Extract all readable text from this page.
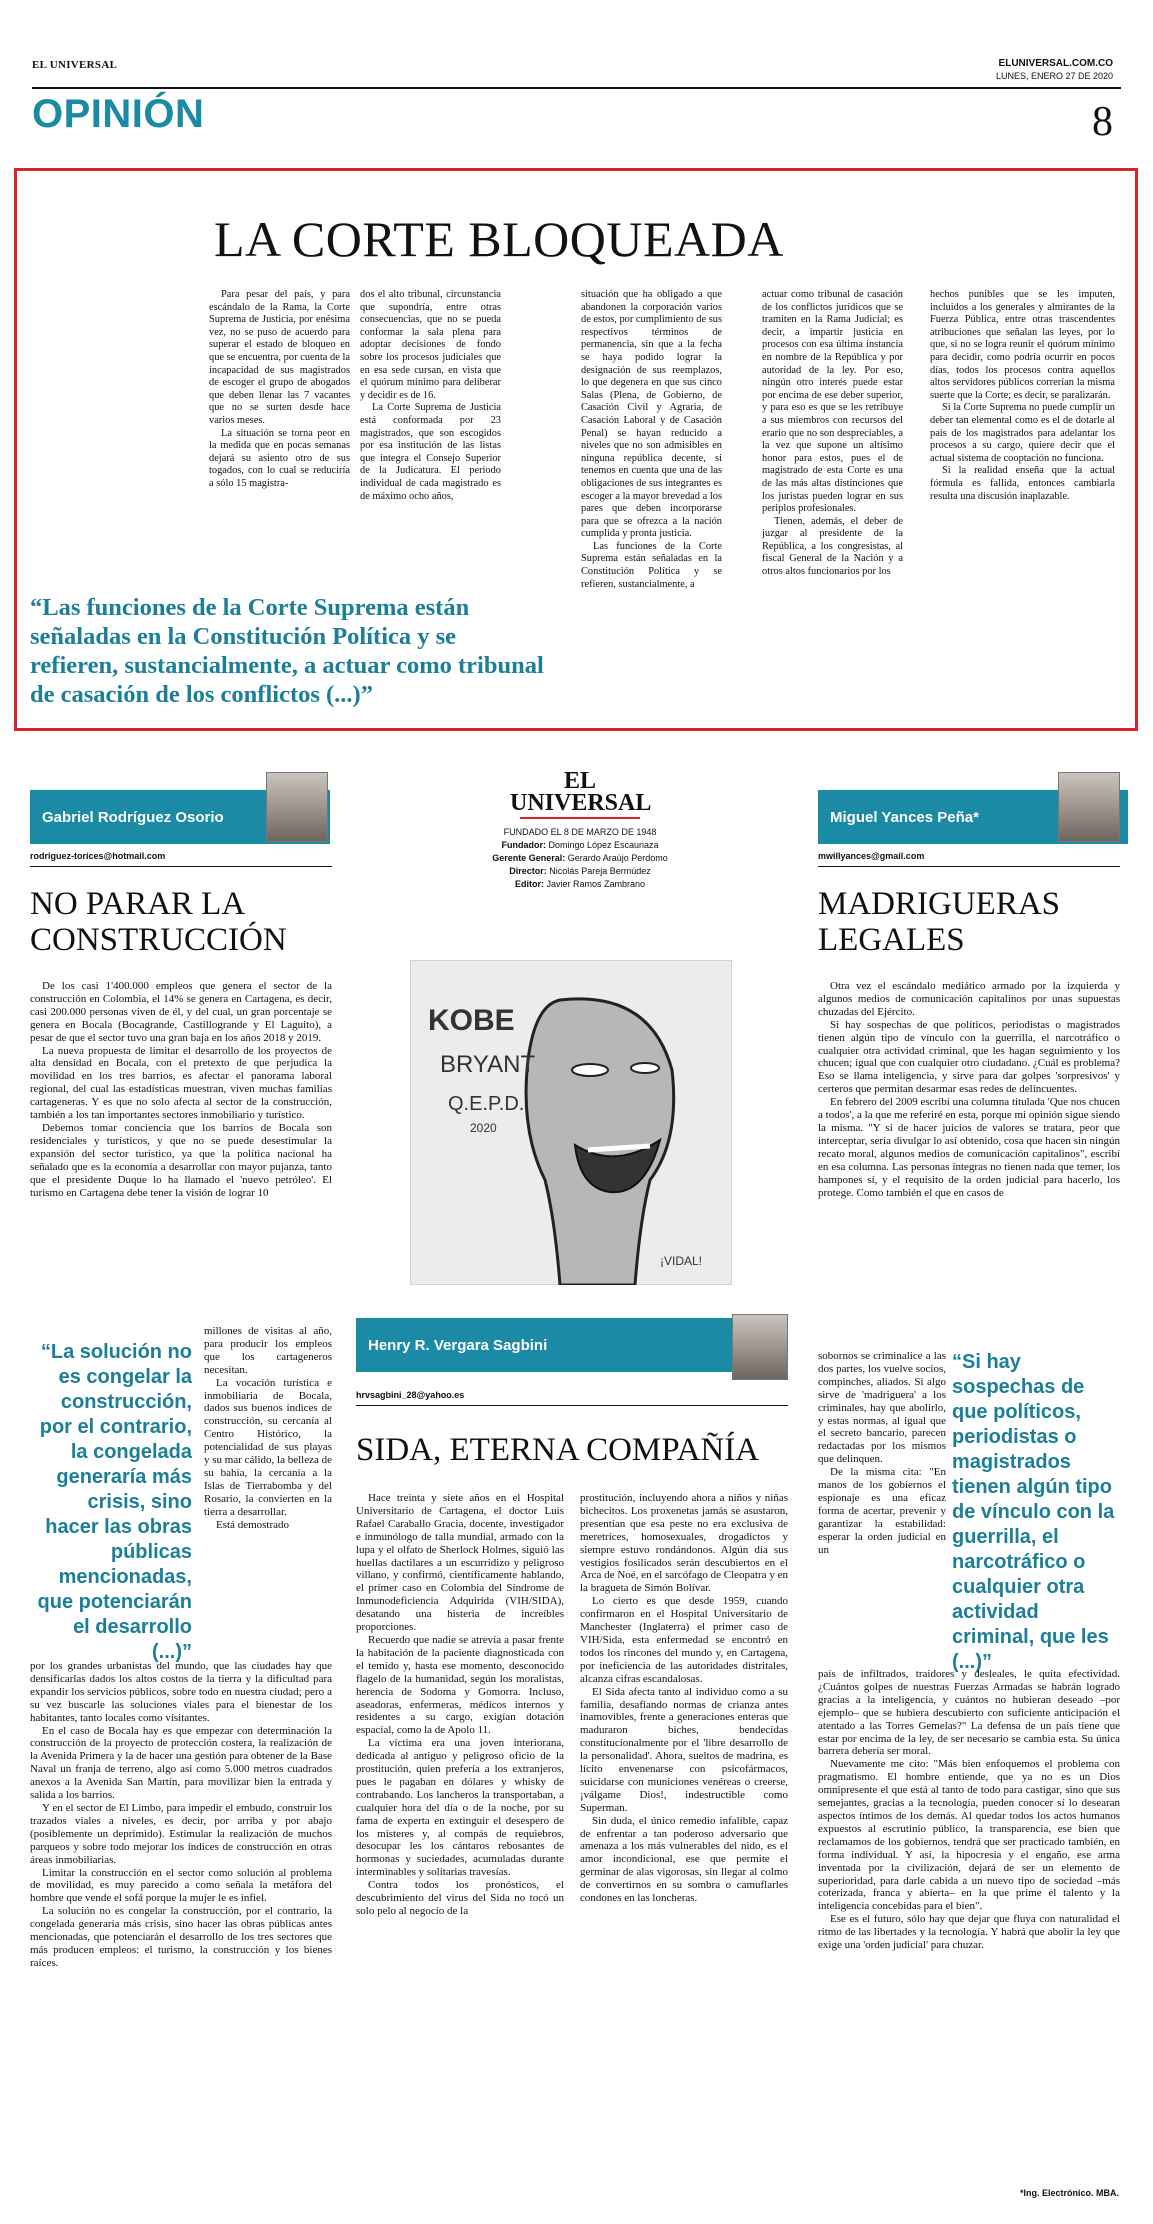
EL UNIVERSAL	ELUNIVERSAL.COM.CO
LUNES, ENERO 27 DE 2020
OPINIÓN	8
LA CORTE BLOQUEADA

Para pesar del país, y para escándalo de la Rama, la Corte Suprema de Justicia, por enésima vez, no se puso de acuerdo para superar el estado de bloqueo en que se encuentra, por cuenta de la incapacidad de sus magistrados de escoger el grupo de abogados que deben llenar las 7 vacantes que no se surten desde hace varios meses.

La situación se torna peor en la medida que en pocas semanas dejará su asiento otro de sus togados, con lo cual se reduciría a sólo 15 magistra-

dos el alto tribunal, circunstancia que supondría, entre otras consecuencias, que no se pueda conformar la sala plena para adoptar decisiones de fondo sobre los procesos judiciales que en esa sede cursan, en vista que el quórum mínimo para deliberar y decidir es de 16.

La Corte Suprema de Justicia está conformada por 23 magistrados, que son escogidos por esa institución de las listas que integra el Consejo Superior de la Judicatura. El periodo individual de cada magistrado es de máximo ocho años,

situación que ha obligado a que abandonen la corporación varios de estos, por cumplimiento de sus respectivos términos de permanencia, sin que a la fecha se haya podido lograr la designación de sus reemplazos, lo que degenera en que sus cinco Salas (Plena, de Gobierno, de Casación Civil y Agraria, de Casación Laboral y de Casación Penal) se hayan reducido a niveles que no son admisibles en ninguna república decente, si tenemos en cuenta que una de las obligaciones de sus integrantes es escoger a la mayor brevedad a los pares que deben incorporarse para que se ofrezca a la nación cumplida y pronta justicia.

Las funciones de la Corte Suprema están señaladas en la Constitución Política y se refieren, sustancialmente, a

actuar como tribunal de casación de los conflictos jurídicos que se tramiten en la Rama Judicial; es decir, a impartir justicia en procesos con esa última instancia en nombre de la República y por autoridad de la ley. Por eso, ningún otro interés puede estar por encima de ese deber superior, y para eso es que se les retribuye a sus miembros con recursos del erario que no son despreciables, a la vez que supone un altísimo honor para estos, pues el de magistrado de esta Corte es una de las más altas distinciones que los juristas pueden lograr en sus periplos profesionales.

Tienen, además, el deber de juzgar al presidente de la República, a los congresistas, al fiscal General de la Nación y a otros altos funcionarios por los

hechos punibles que se les imputen, incluidos a los generales y almirantes de la Fuerza Pública, entre otras trascendentes atribuciones que señalan las leyes, por lo que, si no se logra reunir el quórum mínimo para decidir, como podría ocurrir en pocos días, todos los procesos contra aquellos altos servidores públicos correrían la misma suerte que la Corte; es decir, se paralizarán.

Si la Corte Suprema no puede cumplir un deber tan elemental como es el de dotarle al país de los magistrados para adelantar los procesos a su cargo, quiere decir que el actual sistema de cooptación no funciona.

Si la realidad enseña que la actual fórmula es fallida, entonces cambiarla resulta una discusión inaplazable.

“Las funciones de la Corte Suprema están señaladas en la Constitución Política y se refieren, sustancialmente, a actuar como tribunal de casación de los conflictos (...)”
Gabriel Rodríguez Osorio
rodriguez-torices@hotmail.com
NO PARAR LA CONSTRUCCIÓN

De los casi 1'400.000 empleos que genera el sector de la construcción en Colombia, el 14% se genera en Cartagena, es decir, casi 200.000 personas viven de él, y del cual, un gran porcentaje se genera en Bocala (Bocagrande, Castillogrande y El Laguito), a pesar de que el sector tuvo una gran baja en los años 2018 y 2019.

La nueva propuesta de limitar el desarrollo de los proyectos de alta densidad en Bocala, con el pretexto de que perjudica la movilidad en los tres barrios, es afectar el panorama laboral regional, del cual las estadísticas muestran, viven muchas familias cartageneras. Y es que no solo afecta al sector de la construcción, también a los tan importantes sectores inmobiliario y turístico.

Debemos tomar conciencia que los barrios de Bocala son residenciales y turísticos, y que no se puede desestimular la expansión del sector turístico, ya que la política nacional ha señalado que es la economía a desarrollar con mayor pujanza, tanto que el presidente Duque lo ha llamado el 'nuevo petróleo'. El turismo en Cartagena debe tener la visión de lograr 10

“La solución no es congelar la construcción, por el contrario, la congelada generaría más crisis, sino hacer las obras públicas mencionadas, que potenciarán el desarrollo (...)”

millones de visitas al año, para producir los empleos que los cartageneros necesitan.

La vocación turística e inmobiliaria de Bocala, dados sus buenos índices de construcción, su cercanía al Centro Histórico, la potencialidad de sus playas y su mar cálido, la belleza de su bahía, la cercanía a la Islas de Tierrabomba y del Rosario, la convierten en la tierra a desarrollar.

Está demostrado

por los grandes urbanistas del mundo, que las ciudades hay que densificarlas dados los altos costos de la tierra y la dificultad para expandir los servicios públicos, sobre todo en nuestra ciudad; pero a su vez buscarle las soluciones viales para el bienestar de los habitantes, tanto locales como visitantes.

En el caso de Bocala hay es que empezar con determinación la construcción de la proyecto de protección costera, la realización de la Avenida Primera y la de hacer una gestión para obtener de la Base Naval un franja de terreno, algo así como 5.000 metros cuadrados anexos a la Avenida San Martín, para movilizar bien la entrada y salida a los barrios.

Y en el sector de El Limbo, para impedir el embudo, construir los trazados viales a niveles, es decir, por arriba y por abajo (posiblemente un deprimido). Estimular la realización de muchos parqueos y sobre todo mejorar los índices de construcción en otras áreas inmobiliarias.

Limitar la construcción en el sector como solución al problema de movilidad, es muy parecido a como señala la metáfora del hombre que vende el sofá porque la mujer le es infiel.

La solución no es congelar la construcción, por el contrario, la congelada generaría más crisis, sino hacer las obras públicas antes mencionadas, que potenciarán el desarrollo de los tres sectores que más producen empleos: el turismo, la construcción y los bienes raíces.

EL UNIVERSAL
FUNDADO EL 8 DE MARZO DE 1948
Fundador: Domingo López Escauriaza
Gerente General: Gerardo Araújo Perdomo
Director: Nicolás Pareja Bermúdez
Editor: Javier Ramos Zambrano
KOBE
BRYANT
Q.E.P.D.
2020
¡VIDAL!
Henry R. Vergara Sagbini
hrvsagbini_28@yahoo.es
SIDA, ETERNA COMPAÑÍA

Hace treinta y siete años en el Hospital Universitario de Cartagena, el doctor Luis Rafael Caraballo Gracia, docente, investigador e inmunólogo de talla mundial, armado con la lupa y el olfato de Sherlock Holmes, siguió las huellas dactilares a un escurridizo y peligroso villano, y confirmó, científicamente hablando, el primer caso en Colombia del Síndrome de Inmunodeficiencia Adquirida (VIH/SIDA), desatando una histeria de increíbles proporciones.

Recuerdo que nadie se atrevía a pasar frente la habitación de la paciente diagnosticada con el temido y, hasta ese momento, desconocido flagelo de la humanidad, según los moralistas, herencia de Sodoma y Gomorra. Incluso, aseadoras, enfermeras, médicos internos y residentes a su cargo, exigían dotación espacial, como la de Apolo 11.

La víctima era una joven interiorana, dedicada al antiguo y peligroso oficio de la prostitución, quien prefería a los extranjeros, pues le pagaban en dólares y whisky de contrabando. Los lancheros la transportaban, a cualquier hora del día o de la noche, por su fama de experta en extinguir el desespero de los misteres y, al compás de requiebros, desocupar les los cántaros rebosantes de hormonas y suciedades, acumuladas durante interminables y solitarias travesías.

Contra todos los pronósticos, el descubrimiento del virus del Sida no tocó un solo pelo al negocio de la

prostitución, incluyendo ahora a niños y niñas bichecitos. Los proxenetas jamás se asustaron, presentían que esa peste no era exclusiva de meretrices, homosexuales, drogadictos y siempre estuvo rondándonos. Algún día sus vestigios fosilicados serán descubiertos en el Arca de Noé, en el sarcófago de Cleopatra y en la bragueta de Simón Bolívar.

Lo cierto es que desde 1959, cuando confirmaron en el Hospital Universitario de Manchester (Inglaterra) el primer caso de VIH/Sida, esta enfermedad se encontró en todos los rincones del mundo y, en Cartagena, por ineficiencia de las autoridades distritales, alcanza cifras escandalosas.

El Sida afecta tanto al individuo como a su familia, desafiando normas de crianza antes inamovibles, frente a generaciones enteras que maduraron biches, bendecidas constitucionalmente por el 'libre desarrollo de la personalidad'. Ahora, sueltos de madrina, es lícito envenenarse con psicofármacos, suicidarse con municiones venéreas o creerse, ¡válgame Dios!, indestructible como Superman.

Sin duda, el único remedio infalible, capaz de enfrentar a tan poderoso adversario que amenaza a los más vulnerables del nido, es el amor incondicional, ese que permite el germinar de alas vigorosas, sin llegar al colmo de convertirnos en su sombra o camuflarles condones en las loncheras.

Miguel Yances Peña*
mwillyances@gmail.com
MADRIGUERAS LEGALES

Otra vez el escándalo mediático armado por la izquierda y algunos medios de comunicación capitalinos por unas supuestas chuzadas del Ejército.

Si hay sospechas de que políticos, periodistas o magistrados tienen algún tipo de vínculo con la guerrilla, el narcotráfico o cualquier otra actividad criminal, que les hagan seguimiento y los chucen; igual que con cualquier otro ciudadano. ¿Cuál es problema? Eso se llama inteligencia, y sirve para dar golpes 'sorpresivos' y certeros que permitan desarmar esas redes de delincuentes.

En febrero del 2009 escribí una columna titulada 'Que nos chucen a todos', a la que me referiré en esta, porque mi opinión sigue siendo la misma. "Y si de hacer juicios de valores se tratara, peor que interceptar, sería divulgar lo así obtenido, cosa que hacen sin ningún recato moral, algunos medios de comunicación capitalinos", escribí en esa columna. Las personas íntegras no tienen nada que temer, los hampones sí, y el requisito de la orden judicial para hacerlo, los protege. Como también el que en casos de

sobornos se criminalice a las dos partes, los vuelve socios, compinches, aliados. Si algo sirve de 'madriguera' a los criminales, hay que abolirlo, y estas normas, al igual que el secreto bancario, parecen redactadas por los mismos que delinquen.

De la misma cita: "En manos de los gobiernos el espionaje es una eficaz forma de acertar, prevenir y garantizar la estabilidad: esperar la orden judicial en un

“Si hay sospechas de que políticos, periodistas o magistrados tienen algún tipo de vínculo con la guerrilla, el narcotráfico o cualquier otra actividad criminal, que les (...)”

país de infiltrados, traidores y desleales, le quita efectividad. ¿Cuántos golpes de nuestras Fuerzas Armadas se habrán logrado gracias a la inteligencia, y cuántos no hubieran deseado –por ejemplo– que se hubiera descubierto con suficiente anticipación el atentado a las Torres Gemelas?" La defensa de un país tiene que estar por encima de la ley, de ser necesario se cambia esta. Su única barrera debería ser moral.

Nuevamente me cito: "Más bien enfoquemos el problema con pragmatismo. El hombre entiende, que ya no es un Dios omnipresente el que está al tanto de todo para castigar, sino que sus semejantes, gracias a la tecnología, pueden conocer sí lo desearan aspectos íntimos de los demás. Al quedar todos los actos humanos expuestos al escrutinio público, la transparencia, ese bien que reclamamos de los gobiernos, tendrá que ser practicado también, en forma individual. Y así, la hipocresía y el engaño, ese arma inventada por la civilización, dejará de ser un elemento de superioridad, para darle cabida a un nuevo tipo de sociedad –más coterizada, franca y abierta– en la que prime el talento y la inteligencia concebidas para el bien".

Ese es el futuro, sólo hay que dejar que fluya con naturalidad el ritmo de las libertades y la tecnología. Y habrá que abolir la ley que exige una 'orden judicial' para chuzar.

*Ing. Electrónico. MBA.
